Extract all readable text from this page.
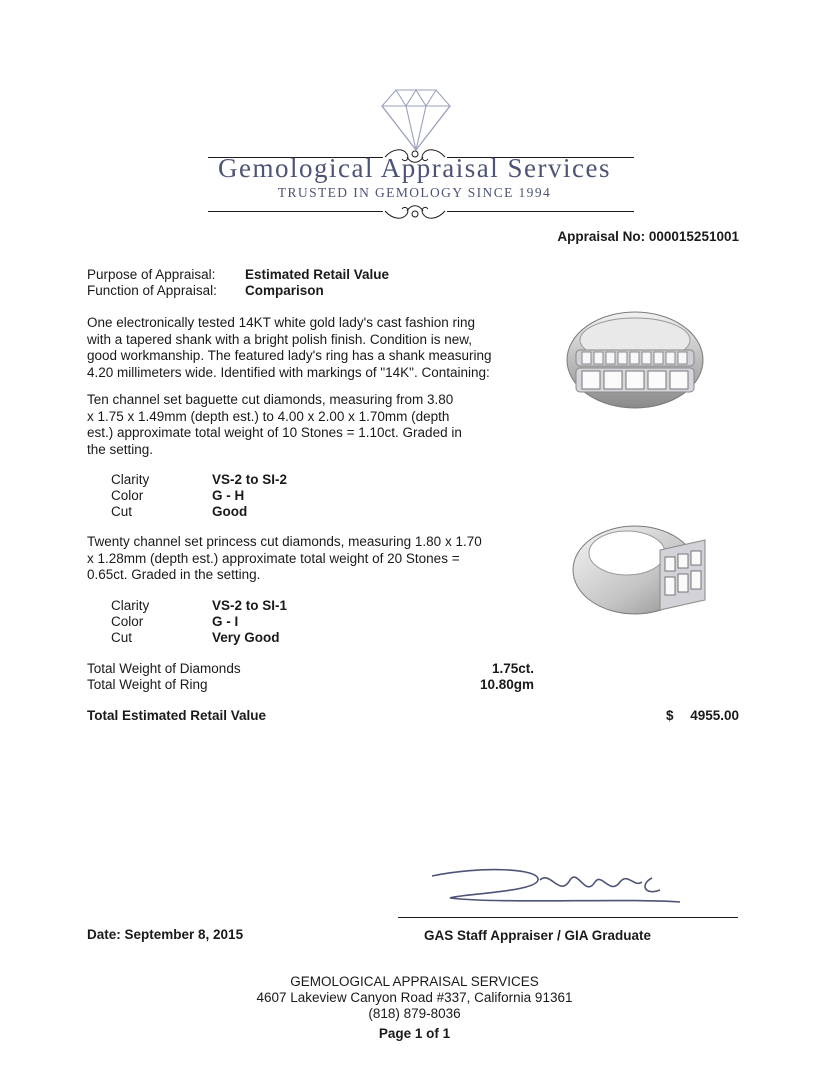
Gemological Appraisal Services
TRUSTED IN GEMOLOGY SINCE 1994
Appraisal No: 000015251001
Purpose of Appraisal: Estimated Retail Value
Function of Appraisal: Comparison
One electronically tested 14KT white gold lady's cast fashion ring
with a tapered shank with a bright polish finish. Condition is new,
good workmanship. The featured lady's ring has a shank measuring
4.20 millimeters wide. Identified with markings of "14K". Containing:
Ten channel set baguette cut diamonds, measuring from 3.80
x 1.75 x 1.49mm (depth est.) to 4.00 x 2.00 x 1.70mm (depth
est.) approximate total weight of 10 Stones = 1.10ct. Graded in
the setting.
Clarity	VS-2 to SI-2
Color	G - H
Cut	Good
Twenty channel set princess cut diamonds, measuring 1.80 x 1.70
x 1.28mm (depth est.) approximate total weight of 20 Stones =
0.65ct. Graded in the setting.
Clarity	VS-2 to SI-1
Color	G - I
Cut	Very Good
Total Weight of Diamonds	1.75ct.
Total Weight of Ring	10.80gm
Total Estimated Retail Value	$ 4955.00
Date: September 8, 2015	GAS Staff Appraiser / GIA Graduate
GEMOLOGICAL APPRAISAL SERVICES
4607 Lakeview Canyon Road #337, California 91361
(818) 879-8036
Page 1 of 1
